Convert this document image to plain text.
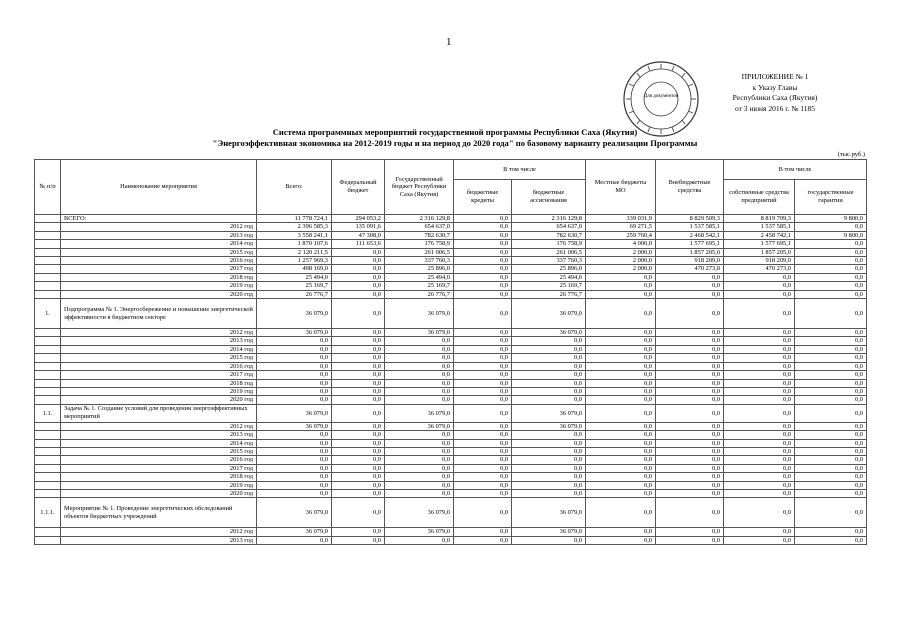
1
Для документов
ПРИЛОЖЕНИЕ № 1
к Указу Главы
Республики Саха (Якутия)
от 3 июня 2016 г. № 1185
Система программных мероприятий государственной программы Республики Саха (Якутия)
"Энергоэффективная экономика на 2012-2019 годы и на период до 2020 года" по базовому варианту реализации Программы
(тыс.руб.)
№ п/п	Наименование мероприятия	Всего:	Федеральный бюджет	Государственный бюджет Республики Саха (Якутия)	В том числе		Местные бюджеты МО	Внебюджетные средства	В том числе	
					бюджетные кредиты	бюджетные ассигнования			собственные средства предприятий	государственные гарантии
	ВСЕГО:	11 778 724,1	294 053,2	2 316 129,8	0,0	2 316 129,8	339 031,9	8 829 509,3	8 819 709,3	9 800,0
	2012 год	2 396 585,3	135 091,6	654 637,0	0,0	654 637,0	69 271,5	1 537 585,1	1 537 585,1	0,0
	2013 год	3 558 241,1	47 308,0	782 630,7	0,0	782 630,7	259 760,4	2 468 542,1	2 458 742,1	9 800,0
	2014 год	1 870 107,6	111 653,6	176 758,9	0,0	176 758,9	4 000,0	1 577 695,1	1 577 695,1	0,0
	2015 год	2 120 211,5	0,0	261 006,5	0,0	261 006,5	2 000,0	1 857 205,0	1 857 205,0	0,0
	2016 год	1 257 969,3	0,0	337 760,3	0,0	337 760,3	2 000,0	918 209,0	918 209,0	0,0
	2017 год	498 169,0	0,0	25 896,0	0,0	25 896,0	2 000,0	470 273,0	470 273,0	0,0
	2018 год	25 494,0	0,0	25 494,0	0,0	25 494,0	0,0	0,0	0,0	0,0
	2019 год	25 169,7	0,0	25 169,7	0,0	25 169,7	0,0	0,0	0,0	0,0
	2020 год	26 776,7	0,0	26 776,7	0,0	26 776,7	0,0	0,0	0,0	0,0
1.	Подпрограмма № 1. Энергосбережение и повышение энергетической эффективности в бюджетном секторе	36 079,0	0,0	36 079,0	0,0	36 079,0	0,0	0,0	0,0	0,0
	2012 год	36 079,0	0,0	36 079,0	0,0	36 079,0	0,0	0,0	0,0	0,0
	2013 год	0,0	0,0	0,0	0,0	0,0	0,0	0,0	0,0	0,0
	2014 год	0,0	0,0	0,0	0,0	0,0	0,0	0,0	0,0	0,0
	2015 год	0,0	0,0	0,0	0,0	0,0	0,0	0,0	0,0	0,0
	2016 год	0,0	0,0	0,0	0,0	0,0	0,0	0,0	0,0	0,0
	2017 год	0,0	0,0	0,0	0,0	0,0	0,0	0,0	0,0	0,0
	2018 год	0,0	0,0	0,0	0,0	0,0	0,0	0,0	0,0	0,0
	2019 год	0,0	0,0	0,0	0,0	0,0	0,0	0,0	0,0	0,0
	2020 год	0,0	0,0	0,0	0,0	0,0	0,0	0,0	0,0	0,0
1.1.	Задача № 1. Создание условий для проведения энергоэффективных мероприятий	36 079,0	0,0	36 079,0	0,0	36 079,0	0,0	0,0	0,0	0,0
	2012 год	36 079,0	0,0	36 079,0	0,0	36 079,0	0,0	0,0	0,0	0,0
	2013 год	0,0	0,0	0,0	0,0	0,0	0,0	0,0	0,0	0,0
	2014 год	0,0	0,0	0,0	0,0	0,0	0,0	0,0	0,0	0,0
	2015 год	0,0	0,0	0,0	0,0	0,0	0,0	0,0	0,0	0,0
	2016 год	0,0	0,0	0,0	0,0	0,0	0,0	0,0	0,0	0,0
	2017 год	0,0	0,0	0,0	0,0	0,0	0,0	0,0	0,0	0,0
	2018 год	0,0	0,0	0,0	0,0	0,0	0,0	0,0	0,0	0,0
	2019 год	0,0	0,0	0,0	0,0	0,0	0,0	0,0	0,0	0,0
	2020 год	0,0	0,0	0,0	0,0	0,0	0,0	0,0	0,0	0,0
1.1.1.	Мероприятие № 1. Проведение энергетических обследований объектов бюджетных учреждений	36 079,0	0,0	36 079,0	0,0	36 079,0	0,0	0,0	0,0	0,0
	2012 год	36 079,0	0,0	36 079,0	0,0	36 079,0	0,0	0,0	0,0	0,0
	2013 год	0,0	0,0	0,0	0,0	0,0	0,0	0,0	0,0	0,0
